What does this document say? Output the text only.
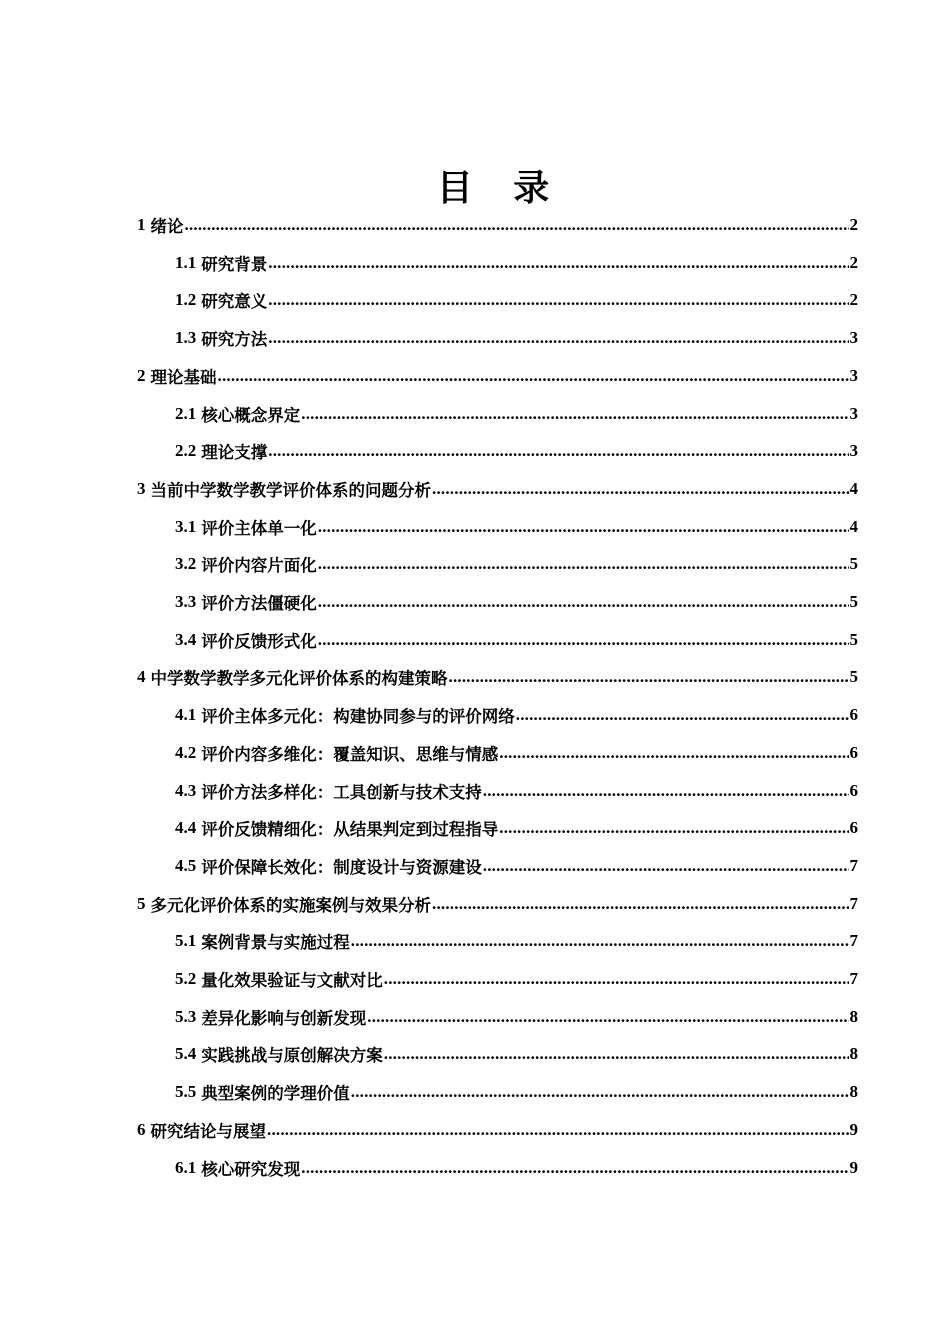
目 录
1 绪论 .....	2
1.1 研究背景 .....	2
1.2 研究意义 .....	2
1.3 研究方法 .....	3
2 理论基础 .....	3
2.1 核心概念界定 .....	3
2.2 理论支撑 .....	3
3 当前中学数学教学评价体系的问题分析 .....	4
3.1 评价主体单一化 .....	4
3.2 评价内容片面化 .....	5
3.3 评价方法僵硬化 .....	5
3.4 评价反馈形式化 .....	5
4 中学数学教学多元化评价体系的构建策略 .....	5
4.1 评价主体多元化：构建协同参与的评价网络 .....	6
4.2 评价内容多维化：覆盖知识、思维与情感 .....	6
4.3 评价方法多样化：工具创新与技术支持 .....	6
4.4 评价反馈精细化：从结果判定到过程指导 .....	6
4.5 评价保障长效化：制度设计与资源建设 .....	7
5 多元化评价体系的实施案例与效果分析 .....	7
5.1 案例背景与实施过程 .....	7
5.2 量化效果验证与文献对比 .....	7
5.3 差异化影响与创新发现 .....	8
5.4 实践挑战与原创解决方案 .....	8
5.5 典型案例的学理价值 .....	8
6 研究结论与展望 .....	9
6.1 核心研究发现 .....	9
